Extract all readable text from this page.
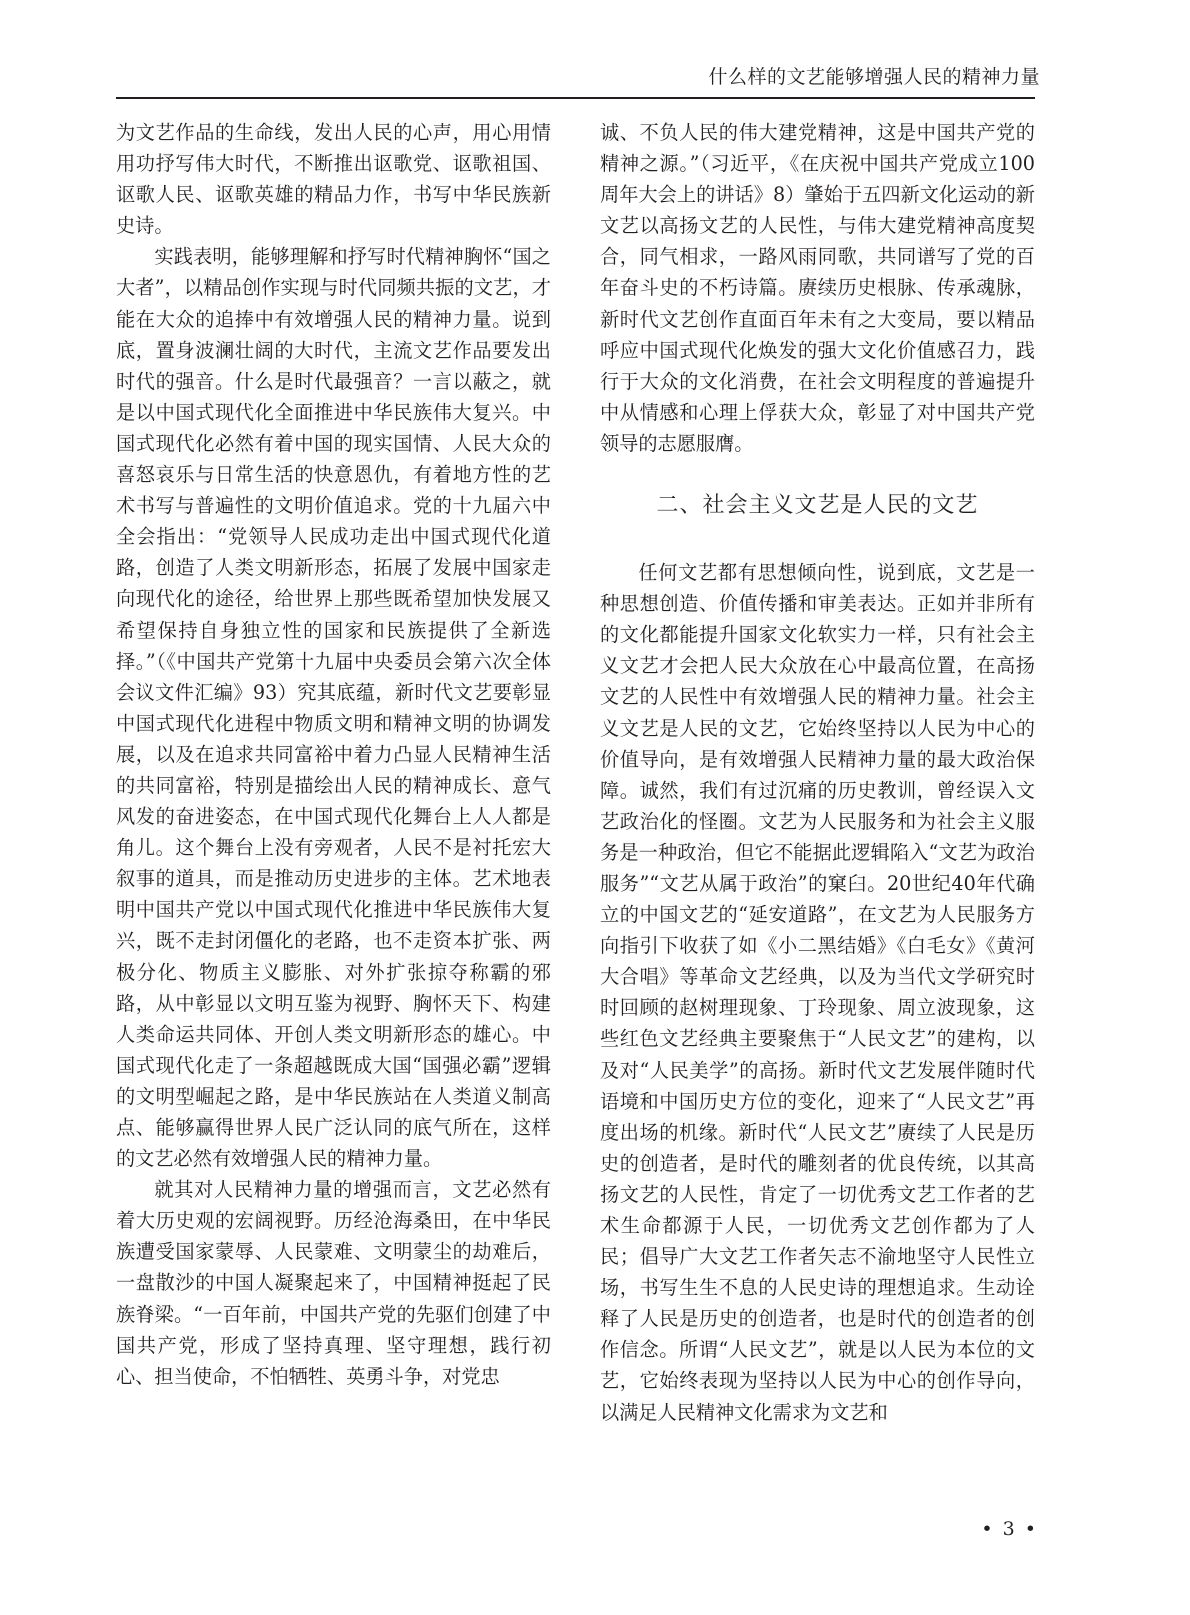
什么样的文艺能够增强人民的精神力量

为文艺作品的生命线，发出人民的心声，用心用情用功抒写伟大时代，不断推出讴歌党、讴歌祖国、讴歌人民、讴歌英雄的精品力作，书写中华民族新史诗。

实践表明，能够理解和抒写时代精神胸怀“国之大者”，以精品创作实现与时代同频共振的文艺，才能在大众的追捧中有效增强人民的精神力量。说到底，置身波澜壮阔的大时代，主流文艺作品要发出时代的强音。什么是时代最强音？一言以蔽之，就是以中国式现代化全面推进中华民族伟大复兴。中国式现代化必然有着中国的现实国情、人民大众的喜怒哀乐与日常生活的快意恩仇，有着地方性的艺术书写与普遍性的文明价值追求。党的十九届六中全会指出：“党领导人民成功走出中国式现代化道路，创造了人类文明新形态，拓展了发展中国家走向现代化的途径，给世界上那些既希望加快发展又希望保持自身独立性的国家和民族提供了全新选择。”（《中国共产党第十九届中央委员会第六次全体会议文件汇编》93）究其底蕴，新时代文艺要彰显中国式现代化进程中物质文明和精神文明的协调发展，以及在追求共同富裕中着力凸显人民精神生活的共同富裕，特别是描绘出人民的精神成长、意气风发的奋进姿态，在中国式现代化舞台上人人都是角儿。这个舞台上没有旁观者，人民不是衬托宏大叙事的道具，而是推动历史进步的主体。艺术地表明中国共产党以中国式现代化推进中华民族伟大复兴，既不走封闭僵化的老路，也不走资本扩张、两极分化、物质主义膨胀、对外扩张掠夺称霸的邪路，从中彰显以文明互鉴为视野、胸怀天下、构建人类命运共同体、开创人类文明新形态的雄心。中国式现代化走了一条超越既成大国“国强必霸”逻辑的文明型崛起之路，是中华民族站在人类道义制高点、能够赢得世界人民广泛认同的底气所在，这样的文艺必然有效增强人民的精神力量。

就其对人民精神力量的增强而言，文艺必然有着大历史观的宏阔视野。历经沧海桑田，在中华民族遭受国家蒙辱、人民蒙难、文明蒙尘的劫难后，一盘散沙的中国人凝聚起来了，中国精神挺起了民族脊梁。“一百年前，中国共产党的先驱们创建了中国共产党，形成了坚持真理、坚守理想，践行初心、担当使命，不怕牺牲、英勇斗争，对党忠

诚、不负人民的伟大建党精神，这是中国共产党的精神之源。”（习近平，《在庆祝中国共产党成立100周年大会上的讲话》8）肇始于五四新文化运动的新文艺以高扬文艺的人民性，与伟大建党精神高度契合，同气相求，一路风雨同歌，共同谱写了党的百年奋斗史的不朽诗篇。赓续历史根脉、传承魂脉，新时代文艺创作直面百年未有之大变局，要以精品呼应中国式现代化焕发的强大文化价值感召力，践行于大众的文化消费，在社会文明程度的普遍提升中从情感和心理上俘获大众，彰显了对中国共产党领导的志愿服膺。

二、社会主义文艺是人民的文艺

任何文艺都有思想倾向性，说到底，文艺是一种思想创造、价值传播和审美表达。正如并非所有的文化都能提升国家文化软实力一样，只有社会主义文艺才会把人民大众放在心中最高位置，在高扬文艺的人民性中有效增强人民的精神力量。社会主义文艺是人民的文艺，它始终坚持以人民为中心的价值导向，是有效增强人民精神力量的最大政治保障。诚然，我们有过沉痛的历史教训，曾经误入文艺政治化的怪圈。文艺为人民服务和为社会主义服务是一种政治，但它不能据此逻辑陷入“文艺为政治服务”“文艺从属于政治”的窠臼。20世纪40年代确立的中国文艺的“延安道路”，在文艺为人民服务方向指引下收获了如《小二黑结婚》《白毛女》《黄河大合唱》等革命文艺经典，以及为当代文学研究时时回顾的赵树理现象、丁玲现象、周立波现象，这些红色文艺经典主要聚焦于“人民文艺”的建构，以及对“人民美学”的高扬。新时代文艺发展伴随时代语境和中国历史方位的变化，迎来了“人民文艺”再度出场的机缘。新时代“人民文艺”赓续了人民是历史的创造者，是时代的雕刻者的优良传统，以其高扬文艺的人民性，肯定了一切优秀文艺工作者的艺术生命都源于人民，一切优秀文艺创作都为了人民；倡导广大文艺工作者矢志不渝地坚守人民性立场，书写生生不息的人民史诗的理想追求。生动诠释了人民是历史的创造者，也是时代的创造者的创作信念。所谓“人民文艺”，就是以人民为本位的文艺，它始终表现为坚持以人民为中心的创作导向，以满足人民精神文化需求为文艺和

• 3 •
